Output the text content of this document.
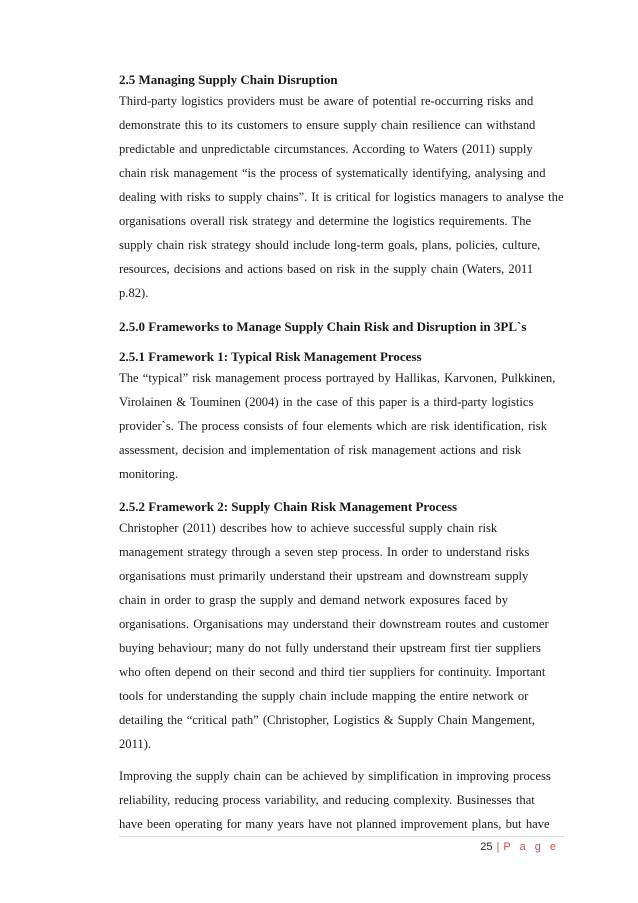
2.5 Managing Supply Chain Disruption

Third-party logistics providers must be aware of potential re-occurring risks and
demonstrate this to its customers to ensure supply chain resilience can withstand
predictable and unpredictable circumstances. According to Waters (2011) supply
chain risk management “is the process of systematically identifying, analysing and
dealing with risks to supply chains”. It is critical for logistics managers to analyse the
organisations overall risk strategy and determine the logistics requirements. The
supply chain risk strategy should include long-term goals, plans, policies, culture,
resources, decisions and actions based on risk in the supply chain (Waters, 2011
p.82).

2.5.0 Frameworks to Manage Supply Chain Risk and Disruption in 3PL`s
2.5.1 Framework 1: Typical Risk Management Process

The “typical” risk management process portrayed by Hallikas, Karvonen, Pulkkinen,
Virolainen & Touminen (2004) in the case of this paper is a third-party logistics
provider`s. The process consists of four elements which are risk identification, risk
assessment, decision and implementation of risk management actions and risk
monitoring.

2.5.2 Framework 2: Supply Chain Risk Management Process

Christopher (2011) describes how to achieve successful supply chain risk
management strategy through a seven step process. In order to understand risks
organisations must primarily understand their upstream and downstream supply
chain in order to grasp the supply and demand network exposures faced by
organisations. Organisations may understand their downstream routes and customer
buying behaviour; many do not fully understand their upstream first tier suppliers
who often depend on their second and third tier suppliers for continuity. Important
tools for understanding the supply chain include mapping the entire network or
detailing the “critical path” (Christopher, Logistics & Supply Chain Mangement,
2011).

Improving the supply chain can be achieved by simplification in improving process
reliability, reducing process variability, and reducing complexity. Businesses that
have been operating for many years have not planned improvement plans, but have

25 | P a g e
